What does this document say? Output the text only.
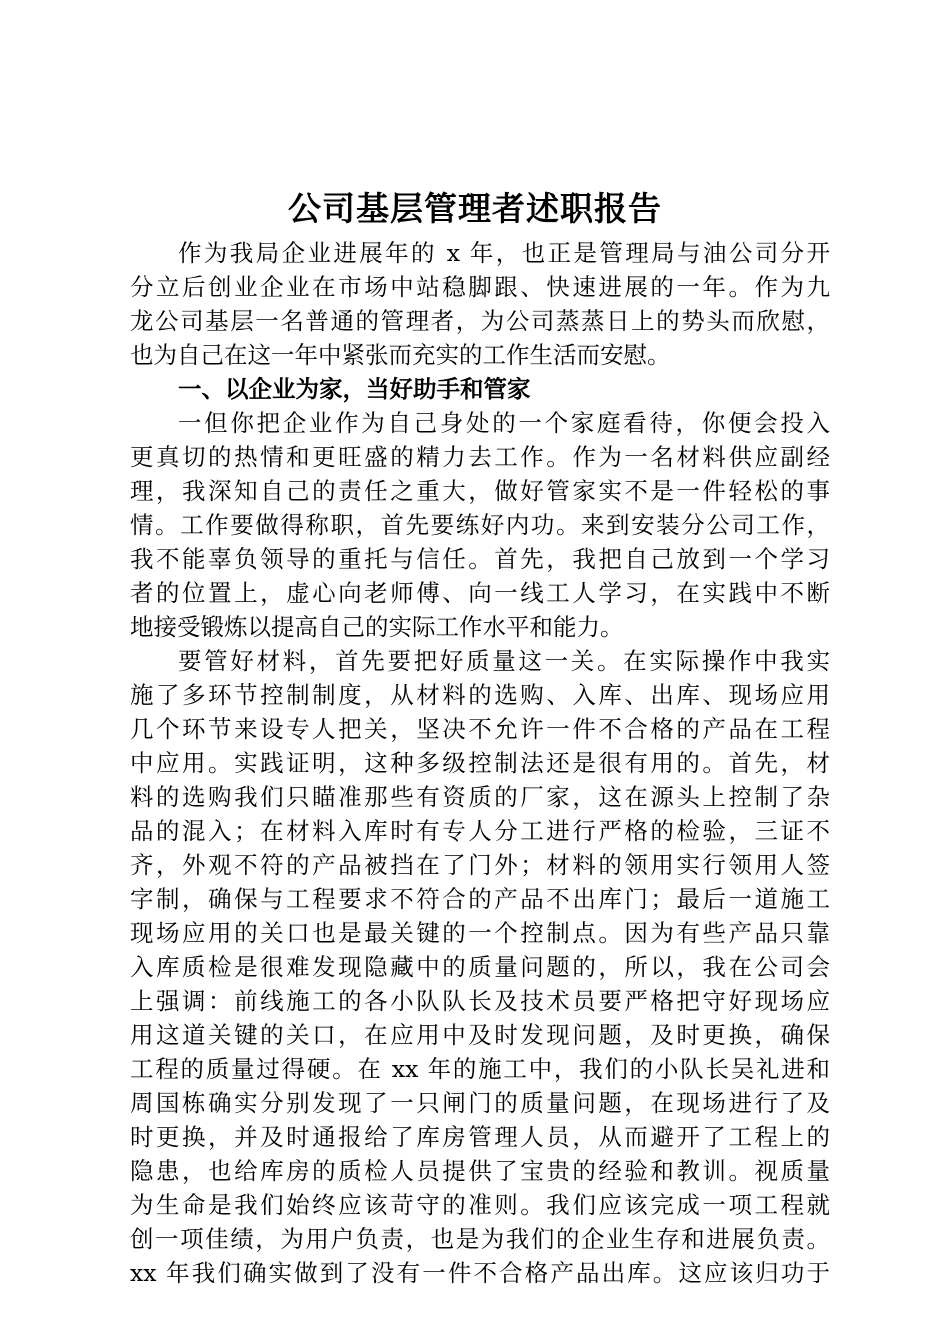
公司基层管理者述职报告
作为我局企业进展年的 x 年，也正是管理局与油公司分开
分立后创业企业在市场中站稳脚跟、快速进展的一年。作为九
龙公司基层一名普通的管理者，为公司蒸蒸日上的势头而欣慰，
也为自己在这一年中紧张而充实的工作生活而安慰。
一、以企业为家，当好助手和管家
一但你把企业作为自己身处的一个家庭看待，你便会投入
更真切的热情和更旺盛的精力去工作。作为一名材料供应副经
理，我深知自己的责任之重大，做好管家实不是一件轻松的事
情。工作要做得称职，首先要练好内功。来到安装分公司工作，
我不能辜负领导的重托与信任。首先，我把自己放到一个学习
者的位置上，虚心向老师傅、向一线工人学习，在实践中不断
地接受锻炼以提高自己的实际工作水平和能力。
要管好材料，首先要把好质量这一关。在实际操作中我实
施了多环节控制制度，从材料的选购、入库、出库、现场应用
几个环节来设专人把关，坚决不允许一件不合格的产品在工程
中应用。实践证明，这种多级控制法还是很有用的。首先，材
料的选购我们只瞄准那些有资质的厂家，这在源头上控制了杂
品的混入；在材料入库时有专人分工进行严格的检验，三证不
齐，外观不符的产品被挡在了门外；材料的领用实行领用人签
字制，确保与工程要求不符合的产品不出库门；最后一道施工
现场应用的关口也是最关键的一个控制点。因为有些产品只靠
入库质检是很难发现隐藏中的质量问题的，所以，我在公司会
上强调：前线施工的各小队队长及技术员要严格把守好现场应
用这道关键的关口，在应用中及时发现问题，及时更换，确保
工程的质量过得硬。在 xx 年的施工中，我们的小队长吴礼进和
周国栋确实分别发现了一只闸门的质量问题，在现场进行了及
时更换，并及时通报给了库房管理人员，从而避开了工程上的
隐患，也给库房的质检人员提供了宝贵的经验和教训。视质量
为生命是我们始终应该苛守的准则。我们应该完成一项工程就
创一项佳绩，为用户负责，也是为我们的企业生存和进展负责。
xx 年我们确实做到了没有一件不合格产品出库。这应该归功于
